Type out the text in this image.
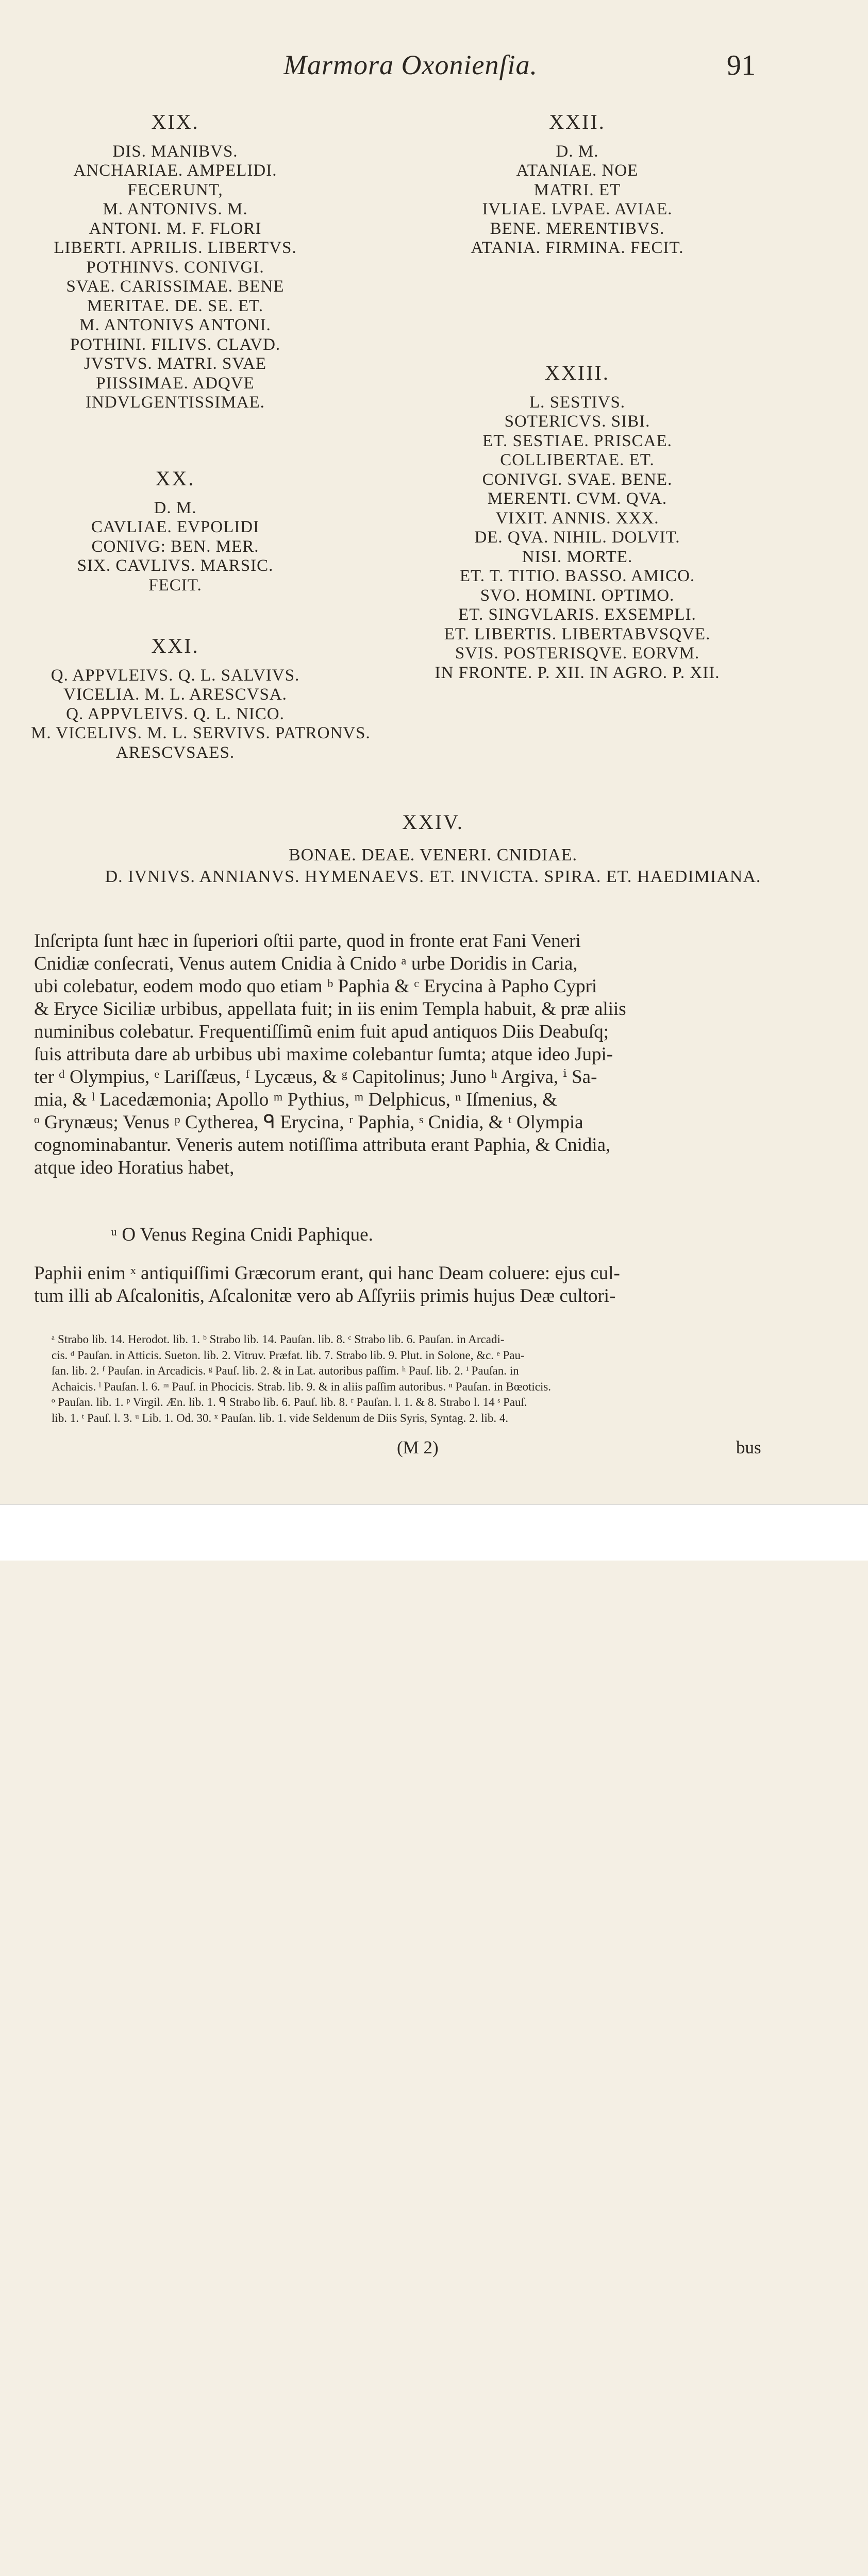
Marmora Oxonienſia.	91
XIX.
DIS. MANIBVS.
ANCHARIAE. AMPELIDI.
FECERUNT,
M. ANTONIVS. M.
ANTONI. M. F. FLORI
LIBERTI. APRILIS. LIBERTVS.
POTHINVS. CONIVGI.
SVAE. CARISSIMAE. BENE
MERITAE. DE. SE. ET.
M. ANTONIVS ANTONI.
POTHINI. FILIVS. CLAVD.
JVSTVS. MATRI. SVAE
PIISSIMAE. ADQVE
INDVLGENTISSIMAE.
XX.
D. M.
CAVLIAE. EVPOLIDI
CONIVG: BEN. MER.
SIX. CAVLIVS. MARSIC.
FECIT.
XXI.
Q. APPVLEIVS. Q. L. SALVIVS.
VICELIA. M. L. ARESCVSA.
Q. APPVLEIVS. Q. L. NICO.
M. VICELIVS. M. L. SERVIVS. PATRONVS.
ARESCVSAES.
XXII.
D. M.
ATANIAE. NOE
MATRI. ET
IVLIAE. LVPAE. AVIAE.
BENE. MERENTIBVS.
ATANIA. FIRMINA. FECIT.
XXIII.
L. SESTIVS.
SOTERICVS. SIBI.
ET. SESTIAE. PRISCAE.
COLLIBERTAE. ET.
CONIVGI. SVAE. BENE.
MERENTI. CVM. QVA.
VIXIT. ANNIS. XXX.
DE. QVA. NIHIL. DOLVIT.
NISI. MORTE.
ET. T. TITIO. BASSO. AMICO.
SVO. HOMINI. OPTIMO.
ET. SINGVLARIS. EXSEMPLI.
ET. LIBERTIS. LIBERTABVSQVE.
SVIS. POSTERISQVE. EORVM.
IN FRONTE. P. XII. IN AGRO. P. XII.
XXIV.
BONAE. DEAE. VENERI. CNIDIAE.
D. IVNIVS. ANNIANVS. HYMENAEVS. ET. INVICTA. SPIRA. ET. HAEDIMIANA.
Inſcripta ſunt hæc in ſuperiori oſtii parte, quod in fronte erat Fani Veneri
Cnidiæ conſecrati, Venus autem Cnidia à Cnido ᵃ urbe Doridis in Caria,
ubi colebatur, eodem modo quo etiam ᵇ Paphia & ᶜ Erycina à Papho Cypri
& Eryce Siciliæ urbibus, appellata fuit; in iis enim Templa habuit, & præ aliis
numinibus colebatur. Frequentiſſimũ enim fuit apud antiquos Diis Deabuſq;
ſuis attributa dare ab urbibus ubi maxime colebantur ſumta; atque ideo Jupi-
ter ᵈ Olympius, ᵉ Lariſſæus, ᶠ Lycæus, & ᵍ Capitolinus; Juno ʰ Argiva, ⁱ Sa-
mia, & ˡ Lacedæmonia; Apollo ᵐ Pythius, ᵐ Delphicus, ⁿ Iſmenius, &
ᵒ Grynæus; Venus ᵖ Cytherea, ᑫ Erycina, ʳ Paphia, ˢ Cnidia, & ᵗ Olympia
cognominabantur. Veneris autem notiſſima attributa erant Paphia, & Cnidia,
atque ideo Horatius habet,
ᵘ O Venus Regina Cnidi Paphique.
Paphii enim ˣ antiquiſſimi Græcorum erant, qui hanc Deam coluere: ejus cul-
tum illi ab Aſcalonitis, Aſcalonitæ vero ab Aſſyriis primis hujus Deæ cultori-
ᵃ Strabo lib. 14. Herodot. lib. 1. ᵇ Strabo lib. 14. Pauſan. lib. 8. ᶜ Strabo lib. 6. Pauſan. in Arcadi-
cis. ᵈ Pauſan. in Atticis. Sueton. lib. 2. Vitruv. Præfat. lib. 7. Strabo lib. 9. Plut. in Solone, &c. ᵉ Pau-
ſan. lib. 2. ᶠ Pauſan. in Arcadicis. ᵍ Pauſ. lib. 2. & in Lat. autoribus paſſim. ʰ Pauſ. lib. 2. ⁱ Pauſan. in
Achaicis. ˡ Pauſan. l. 6. ᵐ Pauſ. in Phocicis. Strab. lib. 9. & in aliis paſſim autoribus. ⁿ Pauſan. in Bœoticis.
ᵒ Pauſan. lib. 1. ᵖ Virgil. Æn. lib. 1. ᑫ Strabo lib. 6. Pauſ. lib. 8. ʳ Pauſan. l. 1. & 8. Strabo l. 14 ˢ Pauſ.
lib. 1. ᵗ Pauſ. l. 3. ᵘ Lib. 1. Od. 30. ˣ Pauſan. lib. 1. vide Seldenum de Diis Syris, Syntag. 2. lib. 4.
(M 2)	bus
